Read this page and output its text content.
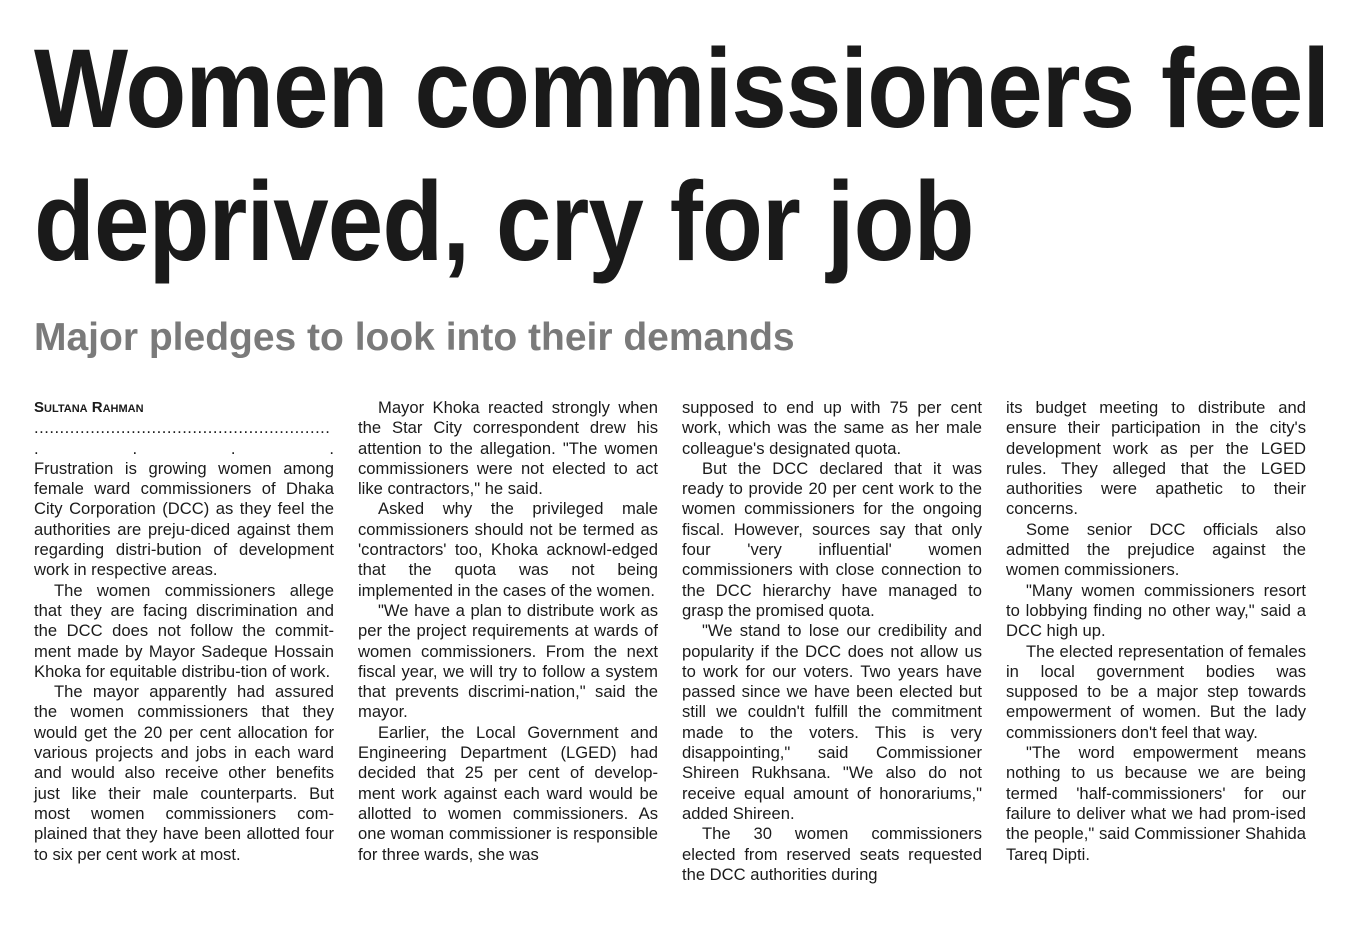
Women commissioners feel
deprived, cry for job
Major pledges to look into their demands
Sultana Rahman
..........................................................
.	.	.	.

Frustration is growing women among female ward commissioners of Dhaka City Corporation (DCC) as they feel the authorities are preju-diced against them regarding distri-bution of development work in respective areas.

The women commissioners allege that they are facing discrimination and the DCC does not follow the commit-ment made by Mayor Sadeque Hossain Khoka for equitable distribu-tion of work.

The mayor apparently had assured the women commissioners that they would get the 20 per cent allocation for various projects and jobs in each ward and would also receive other benefits just like their male counterparts. But most women commissioners com-plained that they have been allotted four to six per cent work at most.

Mayor Khoka reacted strongly when the Star City correspondent drew his attention to the allegation. "The women commissioners were not elected to act like contractors," he said.

Asked why the privileged male commissioners should not be termed as 'contractors' too, Khoka acknowl-edged that the quota was not being implemented in the cases of the women.

"We have a plan to distribute work as per the project requirements at wards of women commissioners. From the next fiscal year, we will try to follow a system that prevents discrimi-nation," said the mayor.

Earlier, the Local Government and Engineering Department (LGED) had decided that 25 per cent of develop-ment work against each ward would be allotted to women commissioners. As one woman commissioner is responsible for three wards, she was

supposed to end up with 75 per cent work, which was the same as her male colleague's designated quota.

But the DCC declared that it was ready to provide 20 per cent work to the women commissioners for the ongoing fiscal. However, sources say that only four 'very influential' women commissioners with close connection to the DCC hierarchy have managed to grasp the promised quota.

"We stand to lose our credibility and popularity if the DCC does not allow us to work for our voters. Two years have passed since we have been elected but still we couldn't fulfill the commitment made to the voters. This is very disappointing," said Commissioner Shireen Rukhsana. "We also do not receive equal amount of honorariums," added Shireen.

The 30 women commissioners elected from reserved seats requested the DCC authorities during

its budget meeting to distribute and ensure their participation in the city's development work as per the LGED rules. They alleged that the LGED authorities were apathetic to their concerns.

Some senior DCC officials also admitted the prejudice against the women commissioners.

"Many women commissioners resort to lobbying finding no other way," said a DCC high up.

The elected representation of females in local government bodies was supposed to be a major step towards empowerment of women. But the lady commissioners don't feel that way.

"The word empowerment means nothing to us because we are being termed 'half-commissioners' for our failure to deliver what we had prom-ised the people," said Commissioner Shahida Tareq Dipti.
